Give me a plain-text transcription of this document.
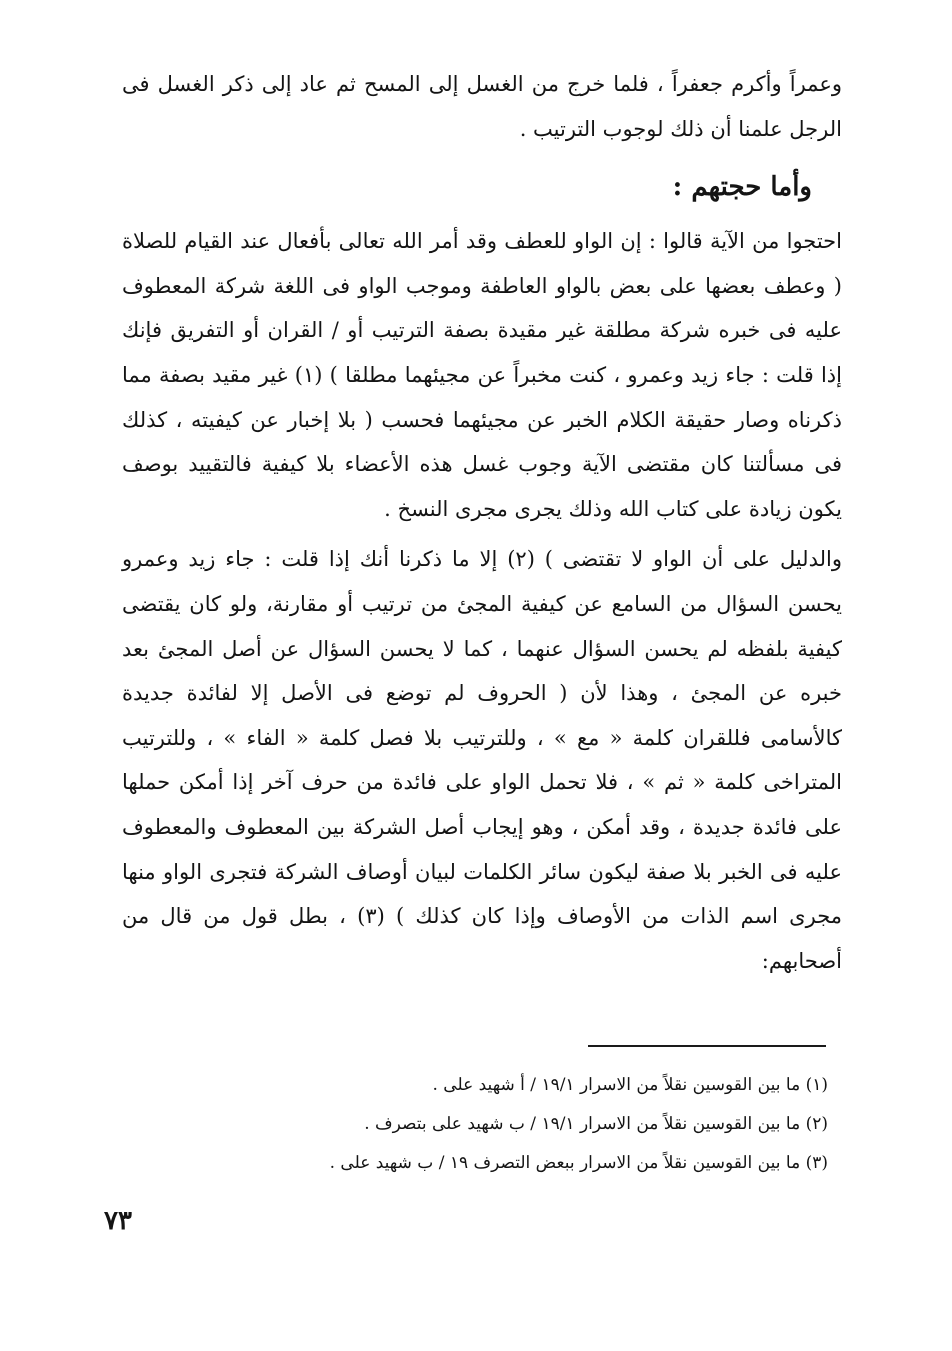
وعمراً وأكرم جعفراً ، فلما خرج من الغسل إلى المسح ثم عاد إلى ذكر الغسل فى الرجل علمنا أن ذلك لوجوب الترتيب .

وأما حجتهم :

احتجوا من الآية قالوا : إن الواو للعطف وقد أمر الله تعالى بأفعال عند القيام للصلاة ( وعطف بعضها على بعض بالواو العاطفة وموجب الواو فى اللغة شركة المعطوف عليه فى خبره شركة مطلقة غير مقيدة بصفة الترتيب أو / القران أو التفريق فإنك إذا قلت : جاء زيد وعمرو ، كنت مخبراً عن مجيئهما مطلقا ) (١) غير مقيد بصفة مما ذكرناه وصار حقيقة الكلام الخبر عن مجيئهما فحسب ( بلا إخبار عن كيفيته ، كذلك فى مسألتنا كان مقتضى الآية وجوب غسل هذه الأعضاء بلا كيفية فالتقييد بوصف يكون زيادة على كتاب الله وذلك يجرى مجرى النسخ .

والدليل على أن الواو لا تقتضى ) (٢) إلا ما ذكرنا أنك إذا قلت : جاء زيد وعمرو يحسن السؤال من السامع عن كيفية المجئ من ترتيب أو مقارنة، ولو كان يقتضى كيفية بلفظه لم يحسن السؤال عنهما ، كما لا يحسن السؤال عن أصل المجئ بعد خبره عن المجئ ، وهذا لأن ( الحروف لم توضع فى الأصل إلا لفائدة جديدة كالأسامى فللقران كلمة « مع » ، وللترتيب بلا فصل كلمة « الفاء » ، وللترتيب المتراخى كلمة « ثم » ، فلا تحمل الواو على فائدة من حرف آخر إذا أمكن حملها على فائدة جديدة ، وقد أمكن ، وهو إيجاب أصل الشركة بين المعطوف والمعطوف عليه فى الخبر بلا صفة ليكون سائر الكلمات لبيان أوصاف الشركة فتجرى الواو منها مجرى اسم الذات من الأوصاف وإذا كان كذلك ) (٣) ، بطل قول من قال من أصحابهم:

(١) ما بين القوسين نقلاً من الاسرار ١٩/١ / أ شهيد على .

(٢) ما بين القوسين نقلاً من الاسرار ١٩/١ / ب شهيد على بتصرف .

(٣) ما بين القوسين نقلاً من الاسرار ببعض التصرف ١٩ / ب شهيد على .

٧٣
